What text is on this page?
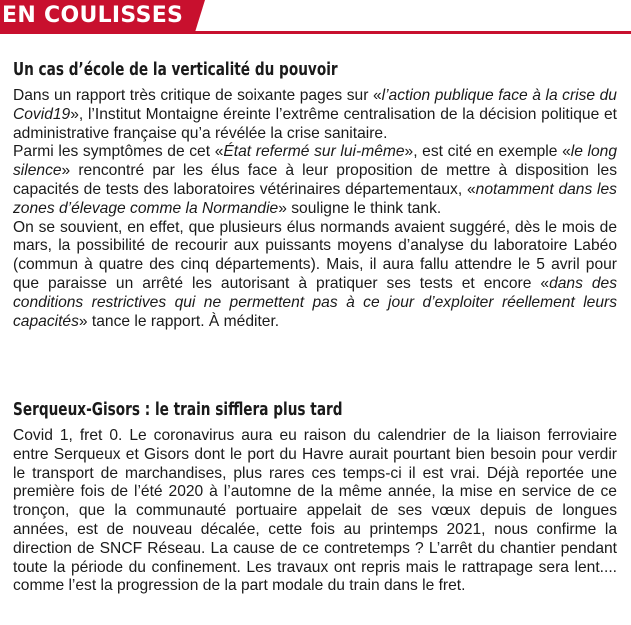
EN COULISSES
Un cas d’école de la verticalité du pouvoir

Dans un rapport très critique de soixante pages sur «l’action publique face à la crise du Covid19», l’Institut Montaigne éreinte l’extrême centralisation de la décision politique et administrative française qu’a révélée la crise sanitaire.

Parmi les symptômes de cet «État refermé sur lui-même», est cité en exemple «le long silence» rencontré par les élus face à leur proposition de mettre à disposition les capacités de tests des laboratoires vétérinaires départementaux, «notamment dans les zones d’élevage comme la Normandie» souligne le think tank.

On se souvient, en effet, que plusieurs élus normands avaient suggéré, dès le mois de mars, la possibilité de recourir aux puissants moyens d’analyse du laboratoire Labéo (commun à quatre des cinq départements). Mais, il aura fallu attendre le 5 avril pour que paraisse un arrêté les autorisant à pratiquer ses tests et encore «dans des conditions restrictives qui ne permettent pas à ce jour d’exploiter réellement leurs capacités» tance le rapport. À méditer.

Serqueux-Gisors : le train sifflera plus tard

Covid 1, fret 0. Le coronavirus aura eu raison du calendrier de la liaison ferroviaire entre Serqueux et Gisors dont le port du Havre aurait pourtant bien besoin pour verdir le transport de marchandises, plus rares ces temps-ci il est vrai. Déjà reportée une première fois de l’été 2020 à l’automne de la même année, la mise en service de ce tronçon, que la communauté portuaire appelait de ses vœux depuis de longues années, est de nouveau décalée, cette fois au printemps 2021, nous confirme la direction de SNCF Réseau. La cause de ce contretemps ? L’arrêt du chantier pendant toute la période du confinement. Les travaux ont repris mais le rattrapage sera lent.... comme l’est la progression de la part modale du train dans le fret.
